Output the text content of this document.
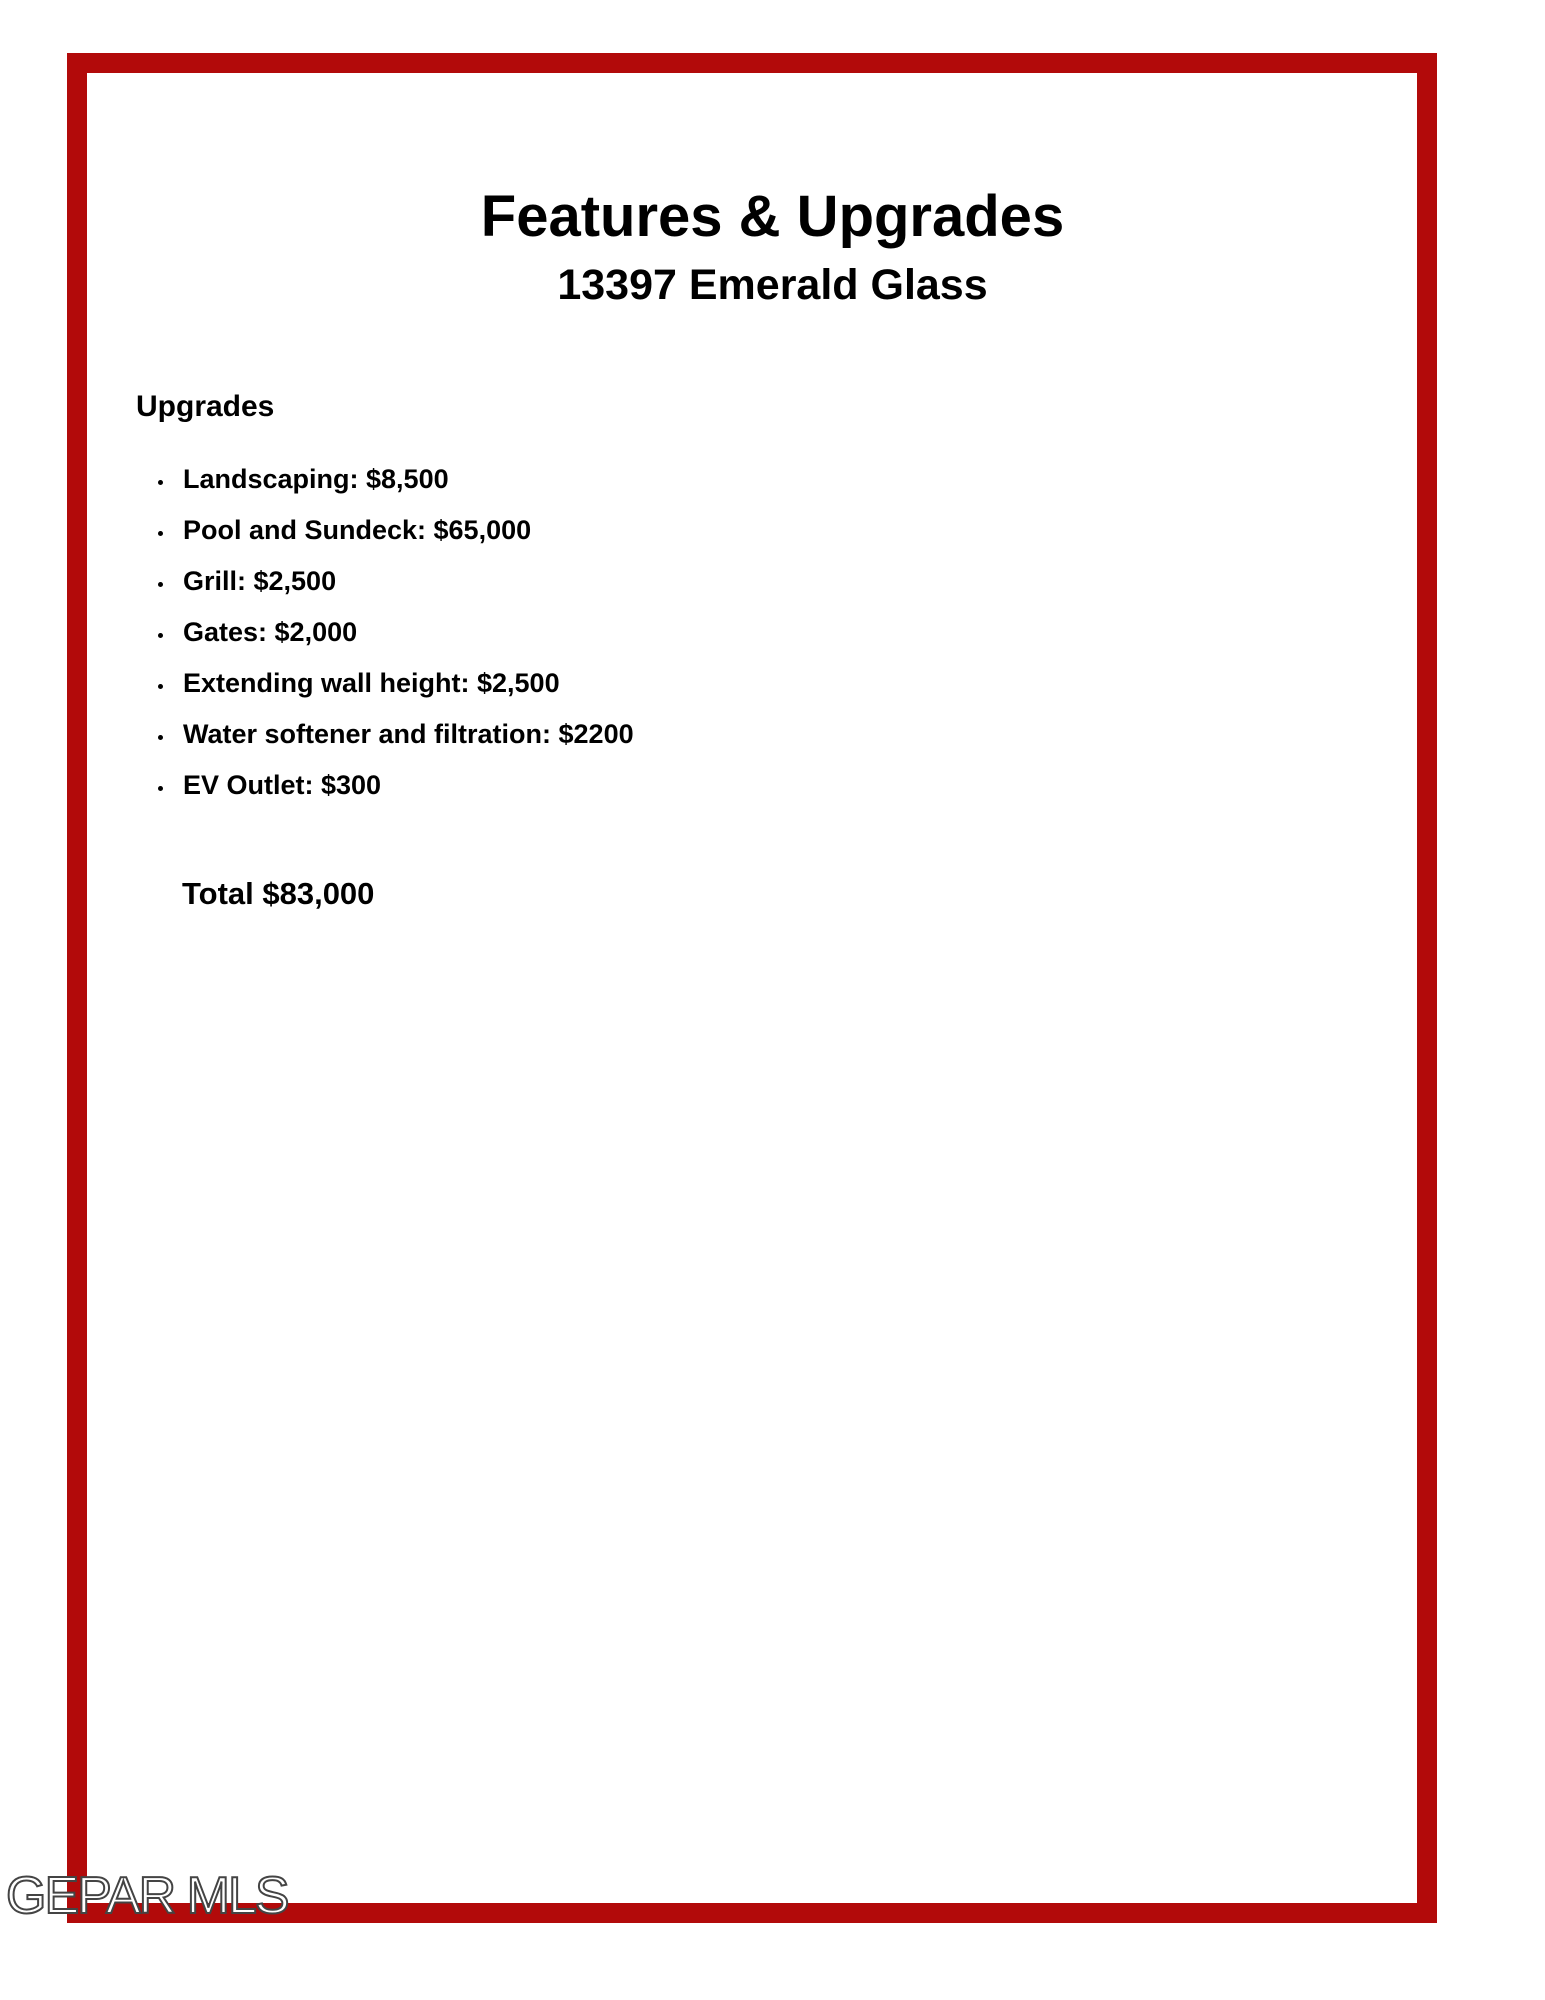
Features & Upgrades
13397 Emerald Glass
Upgrades
Landscaping: $8,500
Pool and Sundeck: $65,000
Grill: $2,500
Gates: $2,000
Extending wall height: $2,500
Water softener and filtration: $2200
EV Outlet: $300

Total $83,000

GEPAR MLS
